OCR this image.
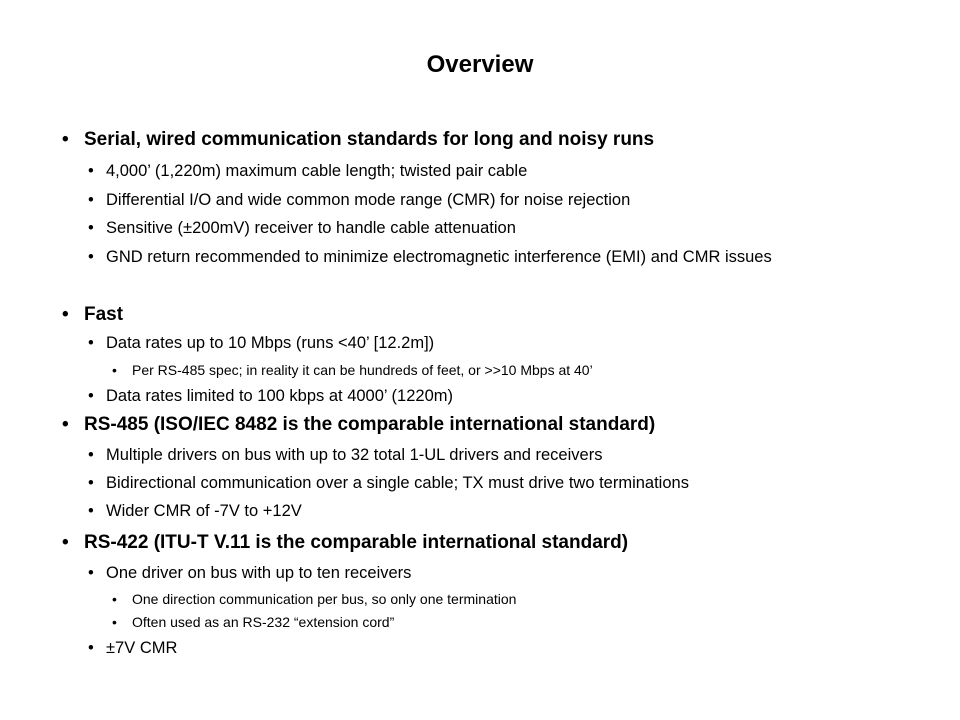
Overview
• Serial, wired communication standards for long and noisy runs
• 4,000’ (1,220m) maximum cable length; twisted pair cable
• Differential I/O and wide common mode range (CMR) for noise rejection
• Sensitive (±200mV) receiver to handle cable attenuation
• GND return recommended to minimize electromagnetic interference (EMI) and CMR issues
• Fast
• Data rates up to 10 Mbps (runs <40’ [12.2m])
•	Per RS-485 spec; in reality it can be hundreds of feet, or >>10 Mbps at 40’
• Data rates limited to 100 kbps at 4000’ (1220m)
• RS-485 (ISO/IEC 8482 is the comparable international standard)
• Multiple drivers on bus with up to 32 total 1-UL drivers and receivers
• Bidirectional communication over a single cable; TX must drive two terminations
• Wider CMR of -7V to +12V
• RS-422 (ITU-T V.11 is the comparable international standard)
• One driver on bus with up to ten receivers
•	One direction communication per bus, so only one termination
•	Often used as an RS-232 “extension cord”
• ±7V CMR
